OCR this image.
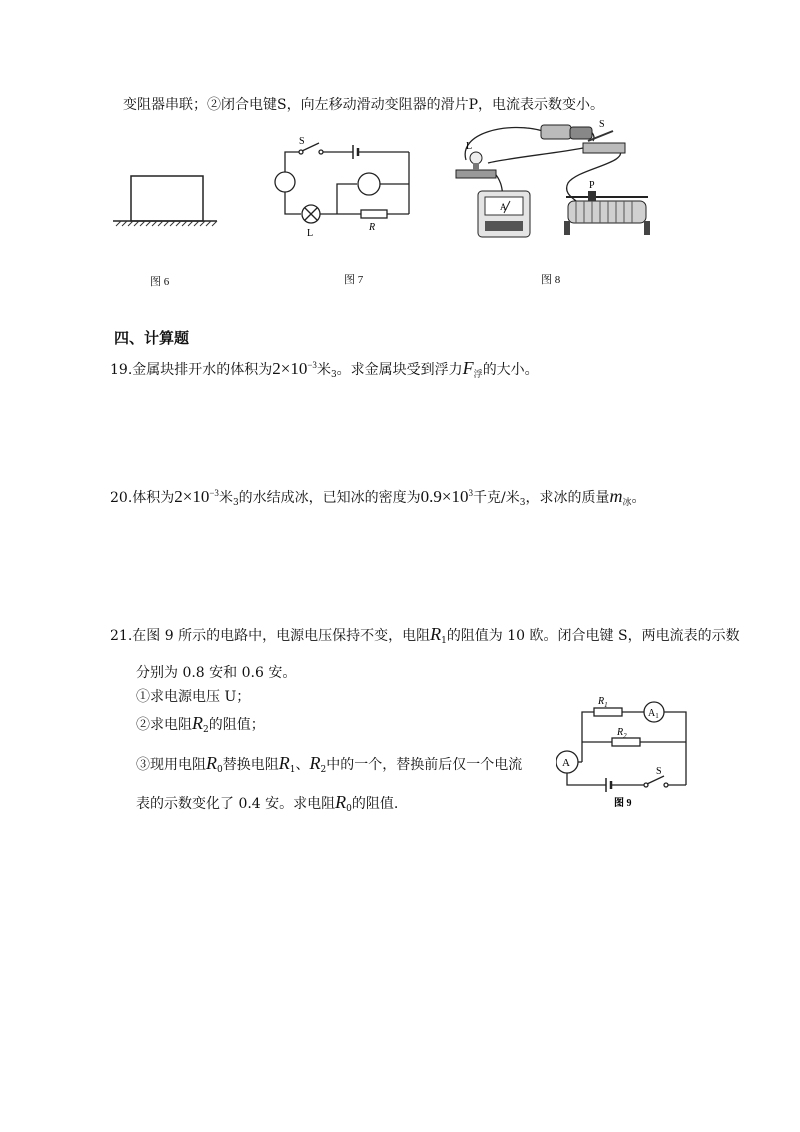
变阻器串联；②闭合电键S，向左移动滑动变阻器的滑片P，电流表示数变小。
图 6
S
L
R
图 7
L
S
P
A
图 8
四、计算题
19.金属块排开水的体积为$2\times 10^{-3}$米$_3$。求金属块受到浮力$F_浮$的大小。
20.体积为$2\times 10^{-3}$米$_3$的水结成冰，已知冰的密度为$0.9\times 10^3$千克/米$_3$，求冰的质量$m_冰$。
21.在图 9 所示的电路中，电源电压保持不变，电阻$R_1$的阻值为 10 欧。闭合电键 S，两电流表的示数
分别为 0.8 安和 0.6 安。
①求电源电压 U；
②求电阻$R_2$的阻值；
③现用电阻$R_0$替换电阻$R_1$、$R_2$中的一个，替换前后仅一个电流
表的示数变化了 0.4 安。求电阻$R_0$的阻值.
$R_1$
$R_2$
$A_1$
A
S
图 9
